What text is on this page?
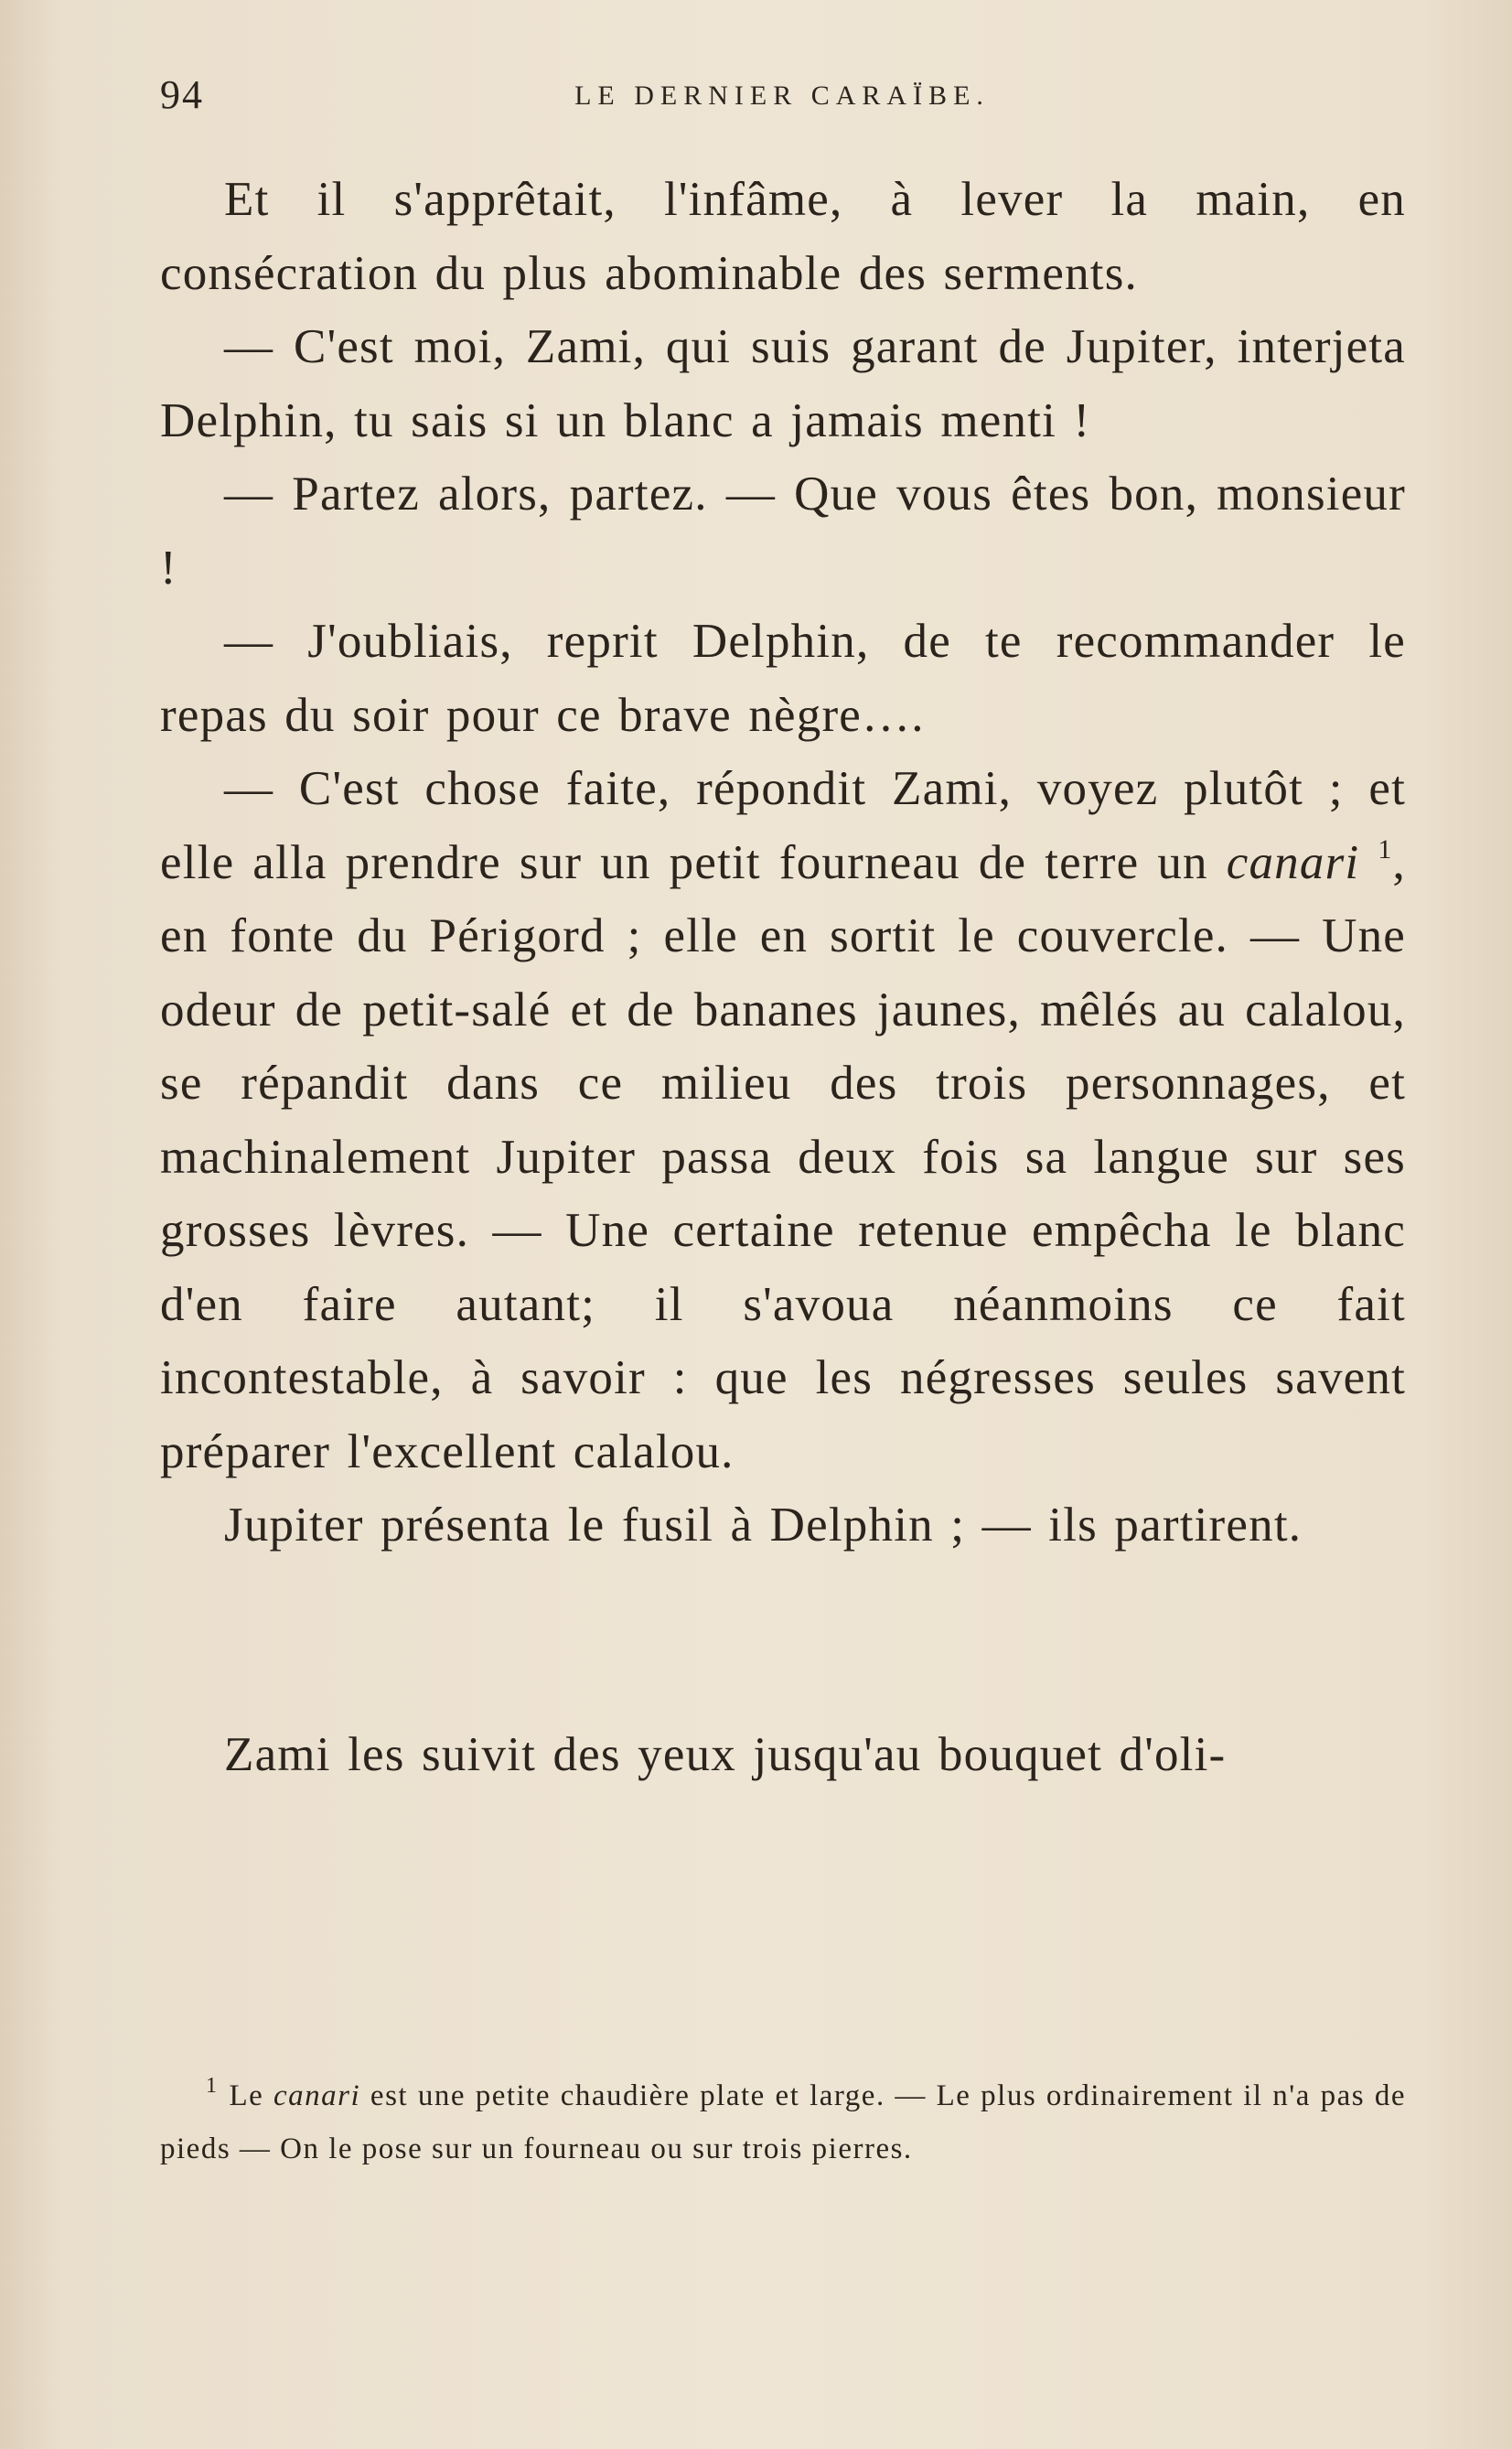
94	LE DERNIER CARAÏBE.

Et il s'apprêtait, l'infâme, à lever la main, en consécration du plus abominable des serments.

— C'est moi, Zami, qui suis garant de Jupiter, interjeta Delphin, tu sais si un blanc a jamais menti !

— Partez alors, partez. — Que vous êtes bon, monsieur !

— J'oubliais, reprit Delphin, de te recommander le repas du soir pour ce brave nègre….

— C'est chose faite, répondit Zami, voyez plutôt ; et elle alla prendre sur un petit fourneau de terre un canari $^1$, en fonte du Périgord ; elle en sortit le couvercle. — Une odeur de petit-salé et de bananes jaunes, mêlés au calalou, se répandit dans ce milieu des trois personnages, et machinalement Jupiter passa deux fois sa langue sur ses grosses lèvres. — Une certaine retenue empêcha le blanc d'en faire autant; il s'avoua néanmoins ce fait incontestable, à savoir : que les négresses seules savent préparer l'excellent calalou.

Jupiter présenta le fusil à Delphin ; — ils partirent.

Zami les suivit des yeux jusqu'au bouquet d'oli-

$^1$ Le canari est une petite chaudière plate et large. — Le plus ordinairement il n'a pas de pieds — On le pose sur un fourneau ou sur trois pierres.
